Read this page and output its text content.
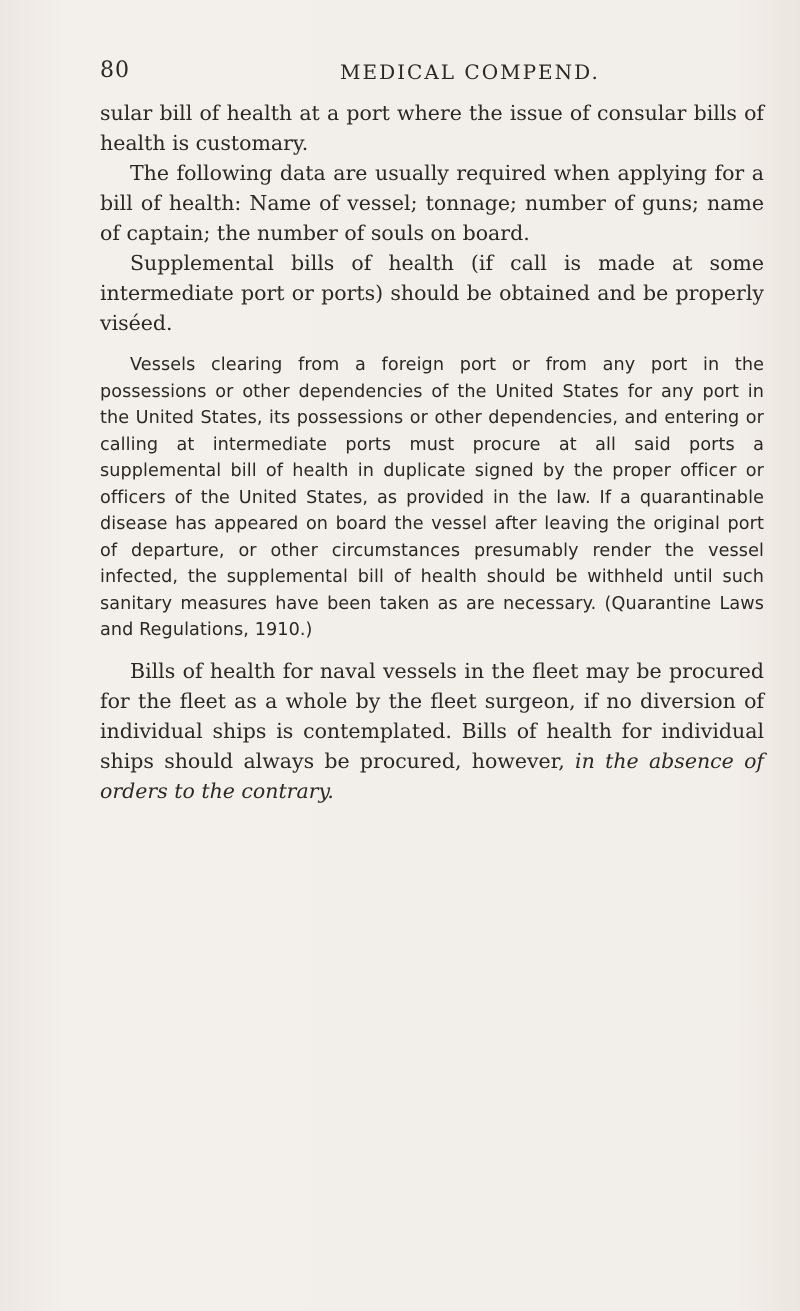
80	MEDICAL COMPEND.

sular bill of health at a port where the issue of consular bills of health is customary.

The following data are usually required when applying for a bill of health: Name of vessel; tonnage; number of guns; name of captain; the number of souls on board.

Supplemental bills of health (if call is made at some intermediate port or ports) should be obtained and be properly viséed.

Vessels clearing from a foreign port or from any port in the possessions or other dependencies of the United States for any port in the United States, its possessions or other dependencies, and entering or calling at intermediate ports must procure at all said ports a supplemental bill of health in duplicate signed by the proper officer or officers of the United States, as provided in the law. If a quarantinable disease has appeared on board the vessel after leaving the original port of departure, or other circumstances presumably render the vessel infected, the supplemental bill of health should be withheld until such sanitary measures have been taken as are necessary. (Quarantine Laws and Regulations, 1910.)

Bills of health for naval vessels in the fleet may be procured for the fleet as a whole by the fleet surgeon, if no diversion of individual ships is contemplated. Bills of health for individual ships should always be procured, however, in the absence of orders to the contrary.
